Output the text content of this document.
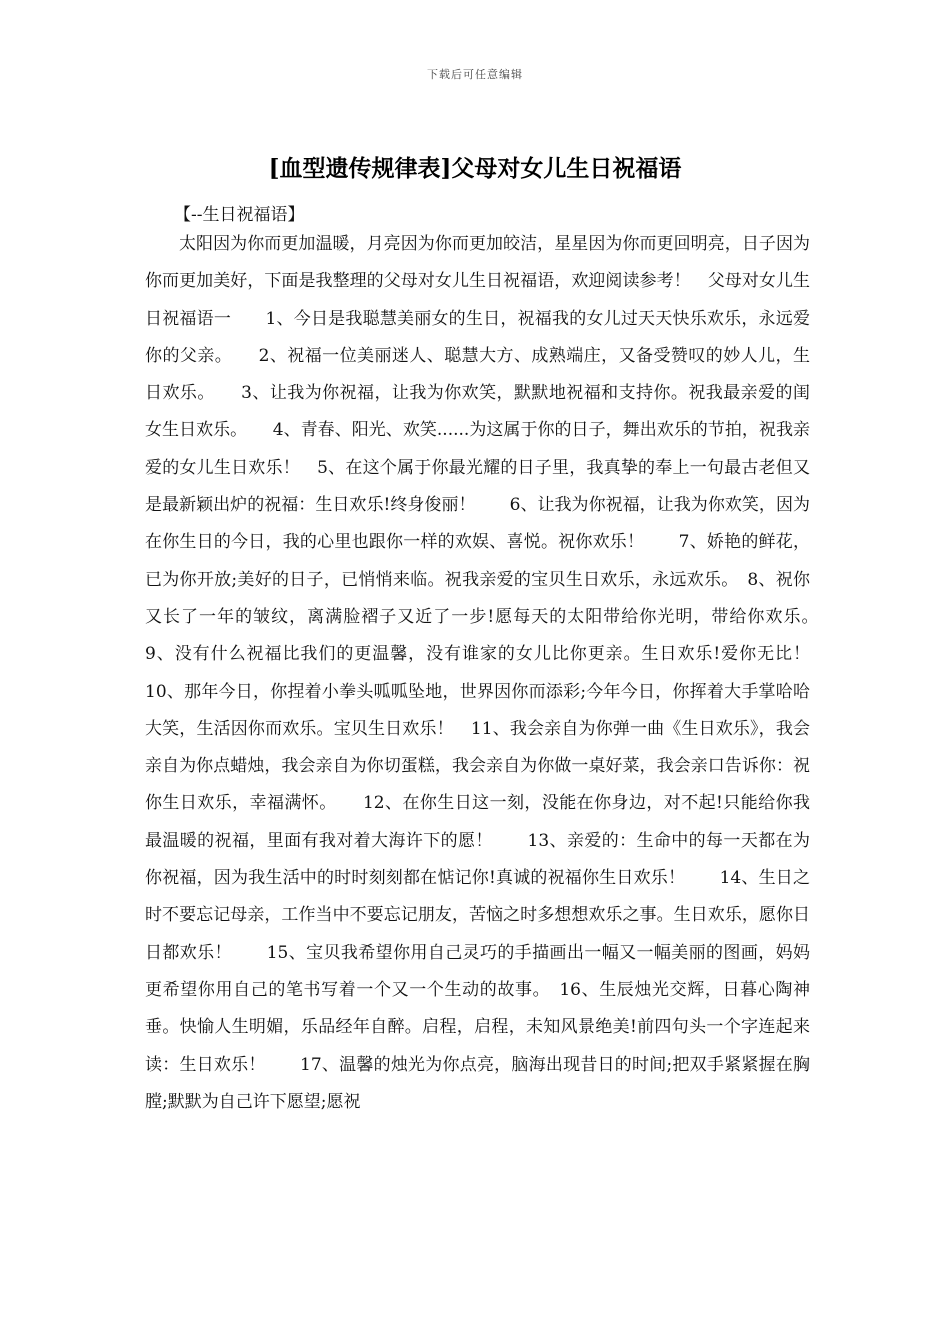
下载后可任意编辑
[血型遗传规律表]父母对女儿生日祝福语
【--生日祝福语】

太阳因为你而更加温暖，月亮因为你而更加皎洁，星星因为你而更回明亮，日子因为你而更加美好，下面是我整理的父母对女儿生日祝福语，欢迎阅读参考！　父母对女儿生日祝福语一　　1、今日是我聪慧美丽女的生日，祝福我的女儿过天天快乐欢乐，永远爱你的父亲。　　2、祝福一位美丽迷人、聪慧大方、成熟端庄，又备受赞叹的妙人儿，生日欢乐。　　3、让我为你祝福，让我为你欢笑，默默地祝福和支持你。祝我最亲爱的闺女生日欢乐。　　4、青春、阳光、欢笑......为这属于你的日子，舞出欢乐的节拍，祝我亲爱的女儿生日欢乐！　5、在这个属于你最光耀的日子里，我真挚的奉上一句最古老但又是最新颖出炉的祝福：生日欢乐!终身俊丽！　　6、让我为你祝福，让我为你欢笑，因为在你生日的今日，我的心里也跟你一样的欢娱、喜悦。祝你欢乐！　　7、娇艳的鲜花，已为你开放;美好的日子，已悄悄来临。祝我亲爱的宝贝生日欢乐，永远欢乐。　8、祝你又长了一年的皱纹，离满脸褶子又近了一步!愿每天的太阳带给你光明，带给你欢乐。　　9、没有什么祝福比我们的更温馨，没有谁家的女儿比你更亲。生日欢乐!爱你无比！　　10、那年今日，你捏着小拳头呱呱坠地，世界因你而添彩;今年今日，你挥着大手掌哈哈大笑，生活因你而欢乐。宝贝生日欢乐！　11、我会亲自为你弹一曲《生日欢乐》，我会亲自为你点蜡烛，我会亲自为你切蛋糕，我会亲自为你做一桌好菜，我会亲口告诉你：祝你生日欢乐，幸福满怀。　　12、在你生日这一刻，没能在你身边，对不起!只能给你我最温暖的祝福，里面有我对着大海许下的愿！　　13、亲爱的：生命中的每一天都在为你祝福，因为我生活中的时时刻刻都在惦记你!真诚的祝福你生日欢乐！　　14、生日之时不要忘记母亲，工作当中不要忘记朋友，苦恼之时多想想欢乐之事。生日欢乐，愿你日日都欢乐！　　15、宝贝我希望你用自己灵巧的手描画出一幅又一幅美丽的图画，妈妈更希望你用自己的笔书写着一个又一个生动的故事。　16、生辰烛光交辉，日暮心陶神垂。快愉人生明媚，乐品经年自醉。启程，启程，未知风景绝美!前四句头一个字连起来读：生日欢乐！　　17、温馨的烛光为你点亮，脑海出现昔日的时间;把双手紧紧握在胸膛;默默为自己许下愿望;愿祝
